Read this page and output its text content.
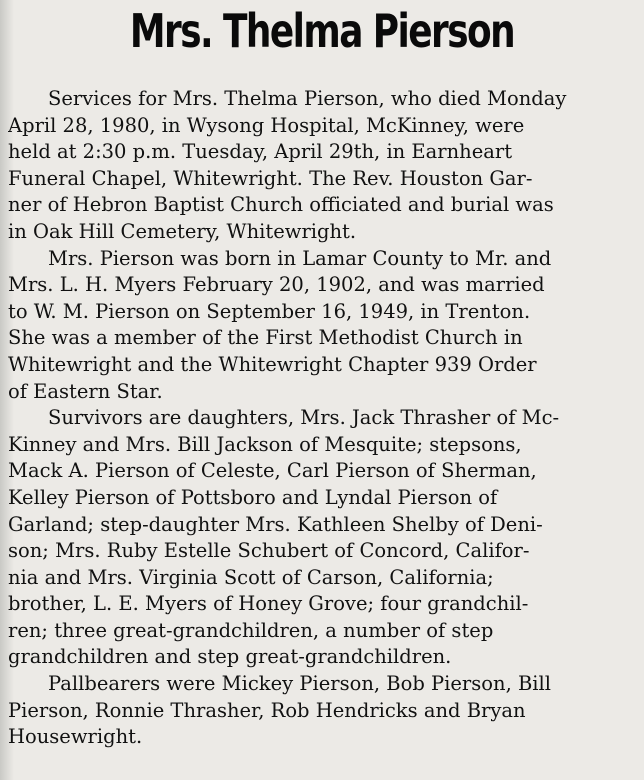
Mrs. Thelma Pierson
Services for Mrs. Thelma Pierson, who died Monday
April 28, 1980, in Wysong Hospital, McKinney, were
held at 2:30 p.m. Tuesday, April 29th, in Earnheart
Funeral Chapel, Whitewright. The Rev. Houston Gar-
ner of Hebron Baptist Church officiated and burial was
in Oak Hill Cemetery, Whitewright.
Mrs. Pierson was born in Lamar County to Mr. and
Mrs. L. H. Myers February 20, 1902, and was married
to W. M. Pierson on September 16, 1949, in Trenton.
She was a member of the First Methodist Church in
Whitewright and the Whitewright Chapter 939 Order
of Eastern Star.
Survivors are daughters, Mrs. Jack Thrasher of Mc-
Kinney and Mrs. Bill Jackson of Mesquite; stepsons,
Mack A. Pierson of Celeste, Carl Pierson of Sherman,
Kelley Pierson of Pottsboro and Lyndal Pierson of
Garland; step-daughter Mrs. Kathleen Shelby of Deni-
son; Mrs. Ruby Estelle Schubert of Concord, Califor-
nia and Mrs. Virginia Scott of Carson, California;
brother, L. E. Myers of Honey Grove; four grandchil-
ren; three great-grandchildren, a number of step
grandchildren and step great-grandchildren.
Pallbearers were Mickey Pierson, Bob Pierson, Bill
Pierson, Ronnie Thrasher, Rob Hendricks and Bryan
Housewright.
